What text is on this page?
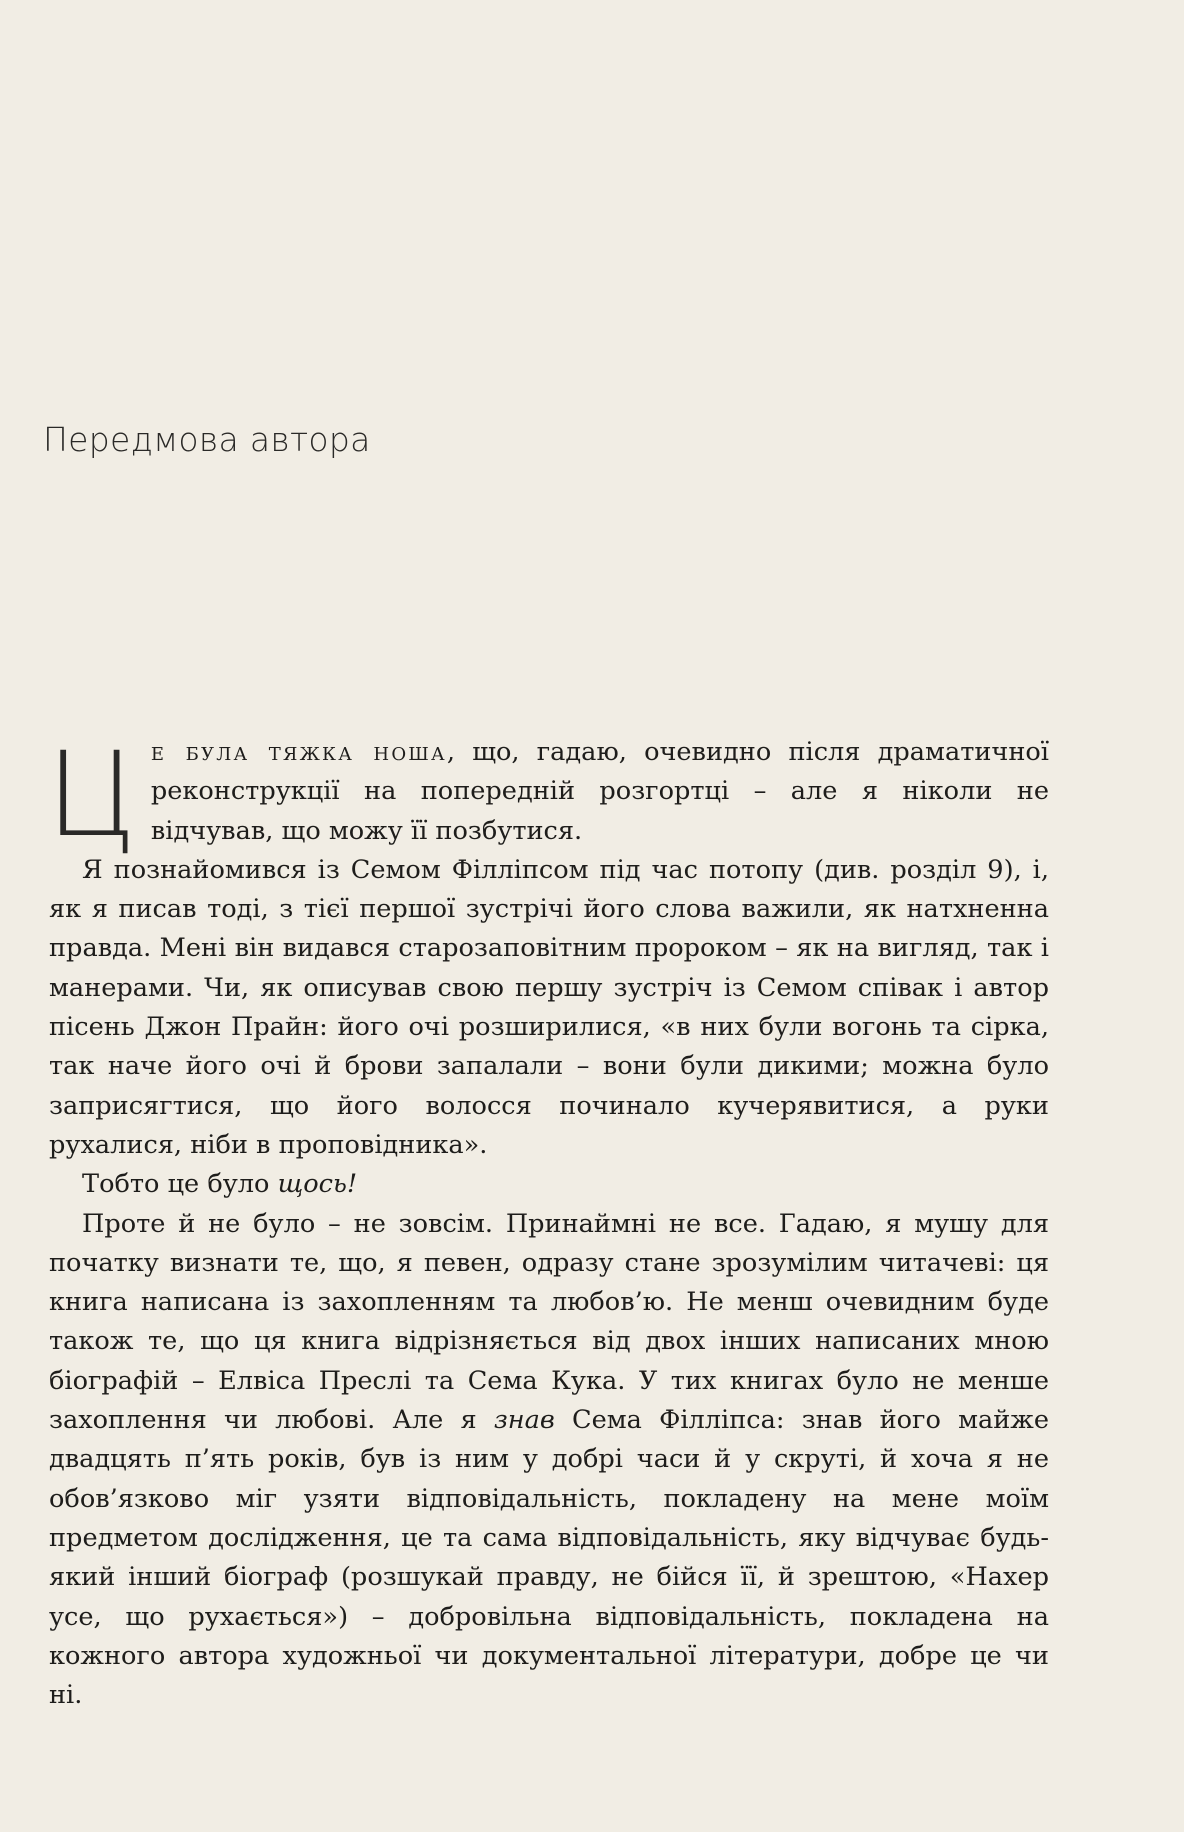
Передмова автора

Це була тяжка ноша, що, гадаю, очевидно після драматичної реконструкції на попередній розгортці – але я ніколи не відчував, що можу її позбутися.

Я познайомився із Семом Філліпсом під час потопу (див. розділ 9), і, як я писав тоді, з тієї першої зустрічі його слова важили, як натхненна правда. Мені він видався старозаповітним пророком – як на вигляд, так і манерами. Чи, як описував свою першу зустріч із Семом співак і автор пісень Джон Прайн: його очі розширилися, «в них були вогонь та сірка, так наче його очі й брови запалали – вони були дикими; можна було заприсягтися, що його волосся починало кучерявитися, а руки рухалися, ніби в проповідника».

Тобто це було щось!

Проте й не було – не зовсім. Принаймні не все. Гадаю, я мушу для початку визнати те, що, я певен, одразу стане зрозумілим читачеві: ця книга написана із захопленням та любов’ю. Не менш очевидним буде також те, що ця книга відрізняється від двох інших написаних мною біографій – Елвіса Преслі та Сема Кука. У тих книгах було не менше захоплення чи любові. Але я знав Сема Філліпса: знав його майже двадцять п’ять років, був із ним у добрі часи й у скруті, й хоча я не обов’язково міг узяти відповідальність, покладену на мене моїм предметом дослідження, це та сама відповідальність, яку відчуває будь-який інший біограф (розшукай правду, не бійся її, й зрештою, «Нахер усе, що рухається») – добровільна відповідальність, покладена на кожного автора художньої чи документальної літератури, добре це чи ні.
